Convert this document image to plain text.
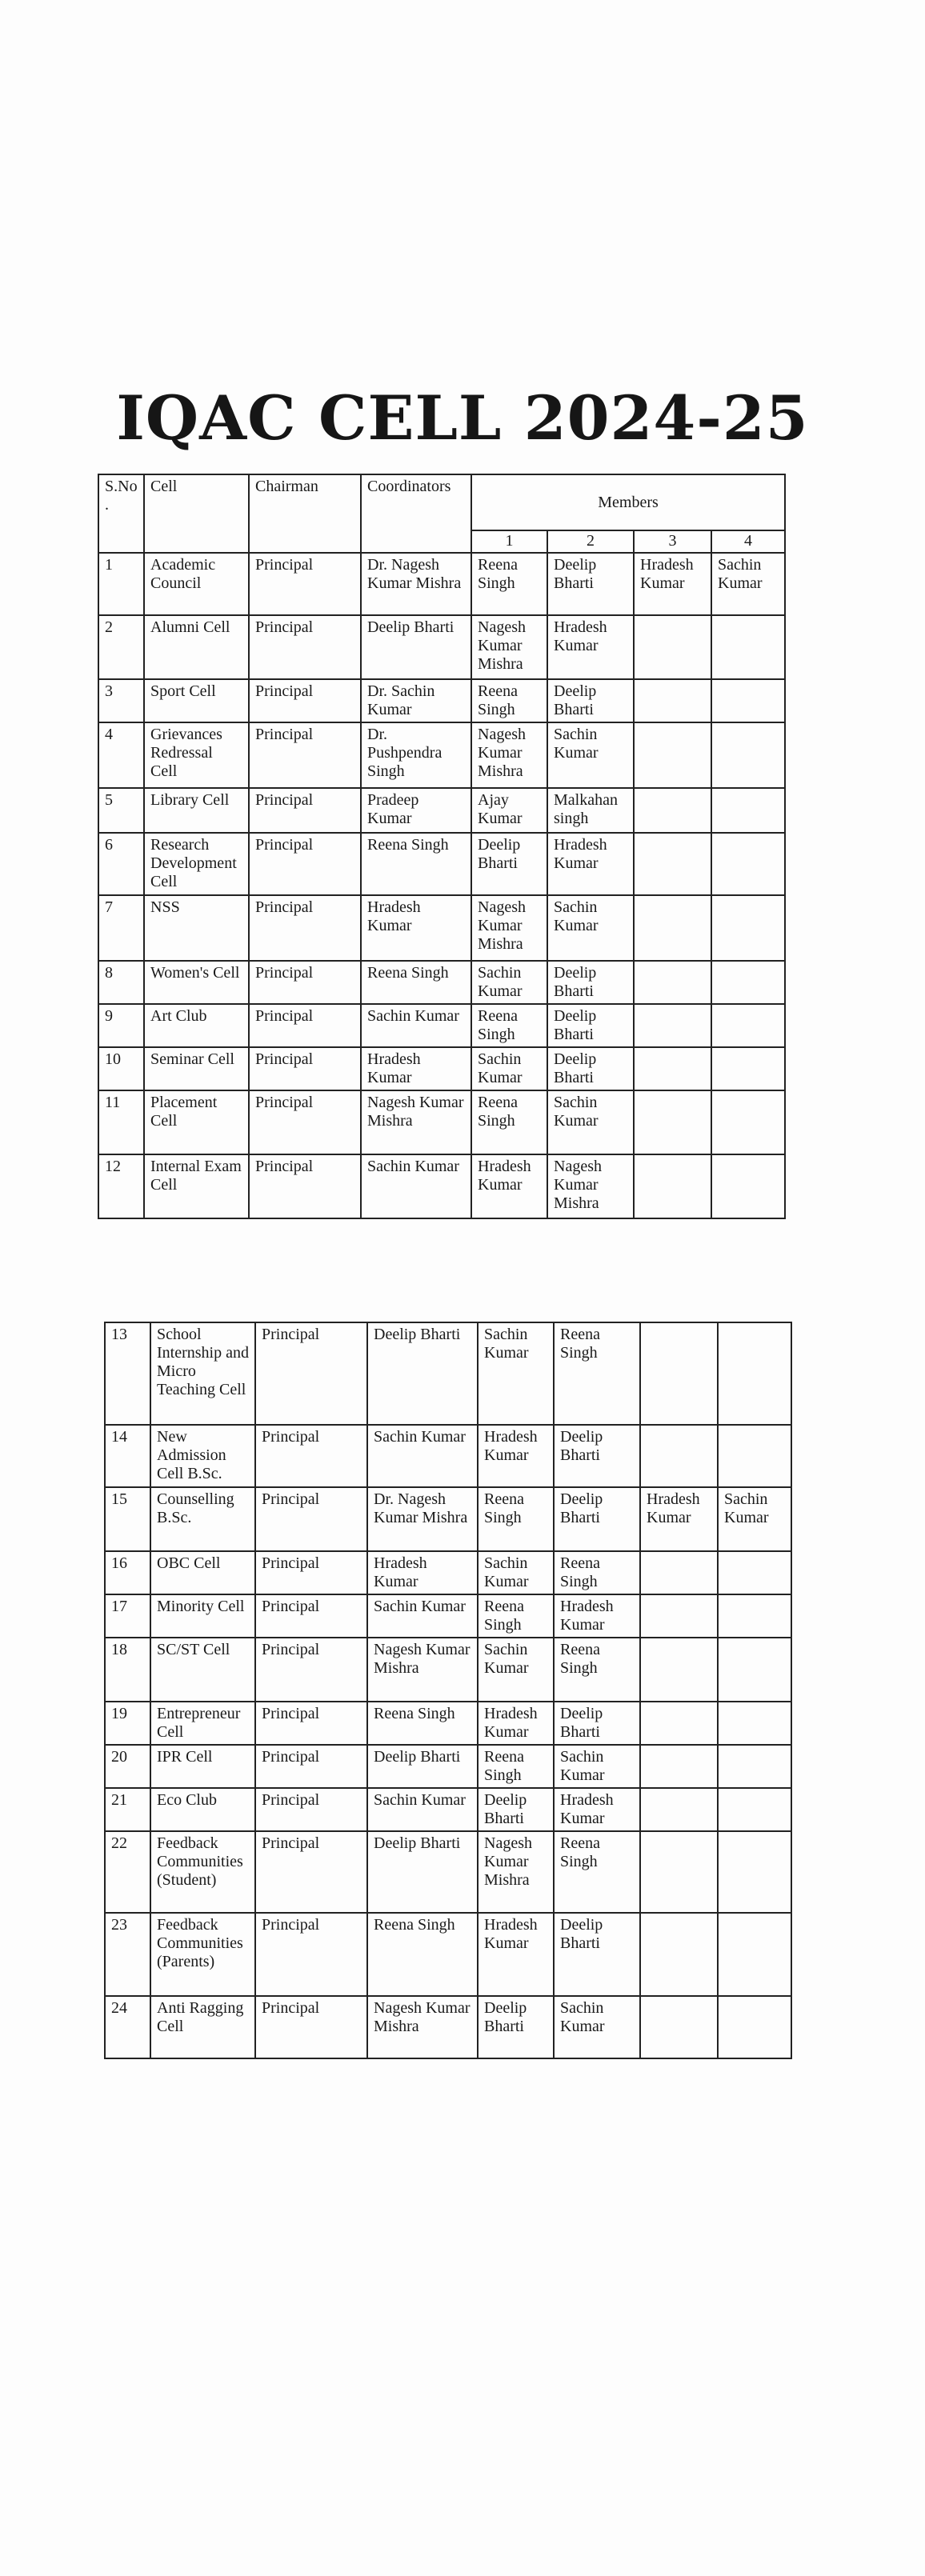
IQAC CELL 2024-25
S.No.	Cell	Chairman	Coordinators	Members			
				1	2	3	4
1	Academic Council	Principal	Dr. Nagesh Kumar Mishra	Reena Singh	Deelip Bharti	Hradesh Kumar	Sachin Kumar
2	Alumni Cell	Principal	Deelip Bharti	Nagesh Kumar Mishra	Hradesh Kumar		
3	Sport Cell	Principal	Dr. Sachin Kumar	Reena Singh	Deelip Bharti		
4	Grievances Redressal Cell	Principal	Dr. Pushpendra Singh	Nagesh Kumar Mishra	Sachin Kumar		
5	Library Cell	Principal	Pradeep Kumar	Ajay Kumar	Malkahan singh		
6	Research Development Cell	Principal	Reena Singh	Deelip Bharti	Hradesh Kumar		
7	NSS	Principal	Hradesh Kumar	Nagesh Kumar Mishra	Sachin Kumar		
8	Women's Cell	Principal	Reena Singh	Sachin Kumar	Deelip Bharti		
9	Art Club	Principal	Sachin Kumar	Reena Singh	Deelip Bharti		
10	Seminar Cell	Principal	Hradesh Kumar	Sachin Kumar	Deelip Bharti		
11	Placement Cell	Principal	Nagesh Kumar Mishra	Reena Singh	Sachin Kumar		
12	Internal Exam Cell	Principal	Sachin Kumar	Hradesh Kumar	Nagesh Kumar Mishra		
13	School Internship and Micro Teaching Cell	Principal	Deelip Bharti	Sachin Kumar	Reena Singh		
14	New Admission Cell B.Sc.	Principal	Sachin Kumar	Hradesh Kumar	Deelip Bharti		
15	Counselling B.Sc.	Principal	Dr. Nagesh Kumar Mishra	Reena Singh	Deelip Bharti	Hradesh Kumar	Sachin Kumar
16	OBC Cell	Principal	Hradesh Kumar	Sachin Kumar	Reena Singh		
17	Minority Cell	Principal	Sachin Kumar	Reena Singh	Hradesh Kumar		
18	SC/ST Cell	Principal	Nagesh Kumar Mishra	Sachin Kumar	Reena Singh		
19	Entrepreneur Cell	Principal	Reena Singh	Hradesh Kumar	Deelip Bharti		
20	IPR Cell	Principal	Deelip Bharti	Reena Singh	Sachin Kumar		
21	Eco Club	Principal	Sachin Kumar	Deelip Bharti	Hradesh Kumar		
22	Feedback Communities (Student)	Principal	Deelip Bharti	Nagesh Kumar Mishra	Reena Singh		
23	Feedback Communities (Parents)	Principal	Reena Singh	Hradesh Kumar	Deelip Bharti		
24	Anti Ragging Cell	Principal	Nagesh Kumar Mishra	Deelip Bharti	Sachin Kumar		
